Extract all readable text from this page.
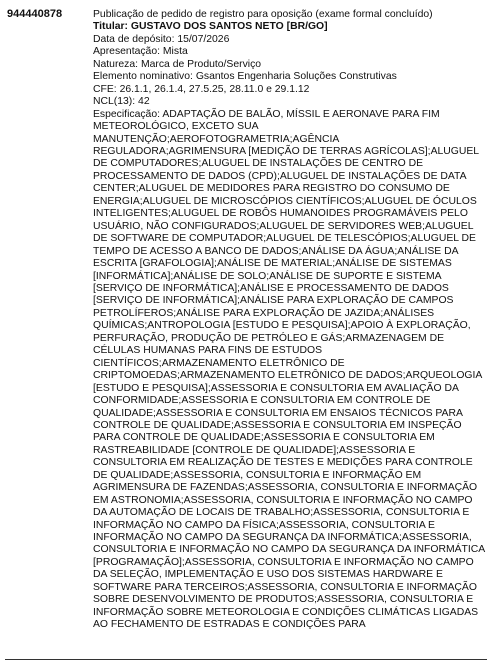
944440878	Publicação de pedido de registro para oposição (exame formal concluído)
Titular: GUSTAVO DOS SANTOS NETO [BR/GO]
Data de depósito: 15/07/2026
Apresentação: Mista
Natureza: Marca de Produto/Serviço
Elemento nominativo: Gsantos Engenharia Soluções Construtivas
CFE: 26.1.1, 26.1.4, 27.5.25, 28.11.0 e 29.1.12
NCL(13): 42
Especificação: ADAPTAÇÃO DE BALÃO, MÍSSIL E AERONAVE PARA FIM METEOROLÓGICO, EXCETO SUA MANUTENÇÃO;AEROFOTOGRAMETRIA;AGÊNCIA REGULADORA;AGRIMENSURA [MEDIÇÃO DE TERRAS AGRÍCOLAS];ALUGUEL DE COMPUTADORES;ALUGUEL DE INSTALAÇÕES DE CENTRO DE PROCESSAMENTO DE DADOS (CPD);ALUGUEL DE INSTALAÇÕES DE DATA CENTER;ALUGUEL DE MEDIDORES PARA REGISTRO DO CONSUMO DE ENERGIA;ALUGUEL DE MICROSCÓPIOS CIENTÍFICOS;ALUGUEL DE ÓCULOS INTELIGENTES;ALUGUEL DE ROBÔS HUMANOIDES PROGRAMÁVEIS PELO USUÁRIO, NÃO CONFIGURADOS;ALUGUEL DE SERVIDORES WEB;ALUGUEL DE SOFTWARE DE COMPUTADOR;ALUGUEL DE TELESCÓPIOS;ALUGUEL DE TEMPO DE ACESSO A BANCO DE DADOS;ANÁLISE DA ÁGUA;ANÁLISE DA ESCRITA [GRAFOLOGIA];ANÁLISE DE MATERIAL;ANÁLISE DE SISTEMAS [INFORMÁTICA];ANÁLISE DE SOLO;ANÁLISE DE SUPORTE E SISTEMA [SERVIÇO DE INFORMÁTICA];ANÁLISE E PROCESSAMENTO DE DADOS [SERVIÇO DE INFORMÁTICA];ANÁLISE PARA EXPLORAÇÃO DE CAMPOS PETROLÍFEROS;ANÁLISE PARA EXPLORAÇÃO DE JAZIDA;ANÁLISES QUÍMICAS;ANTROPOLOGIA [ESTUDO E PESQUISA];APOIO À EXPLORAÇÃO, PERFURAÇÃO, PRODUÇÃO DE PETRÓLEO E GÁS;ARMAZENAGEM DE CÉLULAS HUMANAS PARA FINS DE ESTUDOS CIENTÍFICOS;ARMAZENAMENTO ELETRÔNICO DE CRIPTOMOEDAS;ARMAZENAMENTO ELETRÔNICO DE DADOS;ARQUEOLOGIA [ESTUDO E PESQUISA];ASSESSORIA E CONSULTORIA EM AVALIAÇÃO DA CONFORMIDADE;ASSESSORIA E CONSULTORIA EM CONTROLE DE QUALIDADE;ASSESSORIA E CONSULTORIA EM ENSAIOS TÉCNICOS PARA CONTROLE DE QUALIDADE;ASSESSORIA E CONSULTORIA EM INSPEÇÃO PARA CONTROLE DE QUALIDADE;ASSESSORIA E CONSULTORIA EM RASTREABILIDADE [CONTROLE DE QUALIDADE];ASSESSORIA E CONSULTORIA EM REALIZAÇÃO DE TESTES E MEDIÇÕES PARA CONTROLE DE QUALIDADE;ASSESSORIA, CONSULTORIA E INFORMAÇÃO EM AGRIMENSURA DE FAZENDAS;ASSESSORIA, CONSULTORIA E INFORMAÇÃO EM ASTRONOMIA;ASSESSORIA, CONSULTORIA E INFORMAÇÃO NO CAMPO DA AUTOMAÇÃO DE LOCAIS DE TRABALHO;ASSESSORIA, CONSULTORIA E INFORMAÇÃO NO CAMPO DA FÍSICA;ASSESSORIA, CONSULTORIA E INFORMAÇÃO NO CAMPO DA SEGURANÇA DA INFORMÁTICA;ASSESSORIA, CONSULTORIA E INFORMAÇÃO NO CAMPO DA SEGURANÇA DA INFORMÁTICA [PROGRAMAÇÃO];ASSESSORIA, CONSULTORIA E INFORMAÇÃO NO CAMPO DA SELEÇÃO, IMPLEMENTAÇÃO E USO DOS SISTEMAS HARDWARE E SOFTWARE PARA TERCEIROS;ASSESSORIA, CONSULTORIA E INFORMAÇÃO SOBRE DESENVOLVIMENTO DE PRODUTOS;ASSESSORIA, CONSULTORIA E INFORMAÇÃO SOBRE METEOROLOGIA E CONDIÇÕES CLIMÁTICAS LIGADAS AO FECHAMENTO DE ESTRADAS E CONDIÇÕES PARA
